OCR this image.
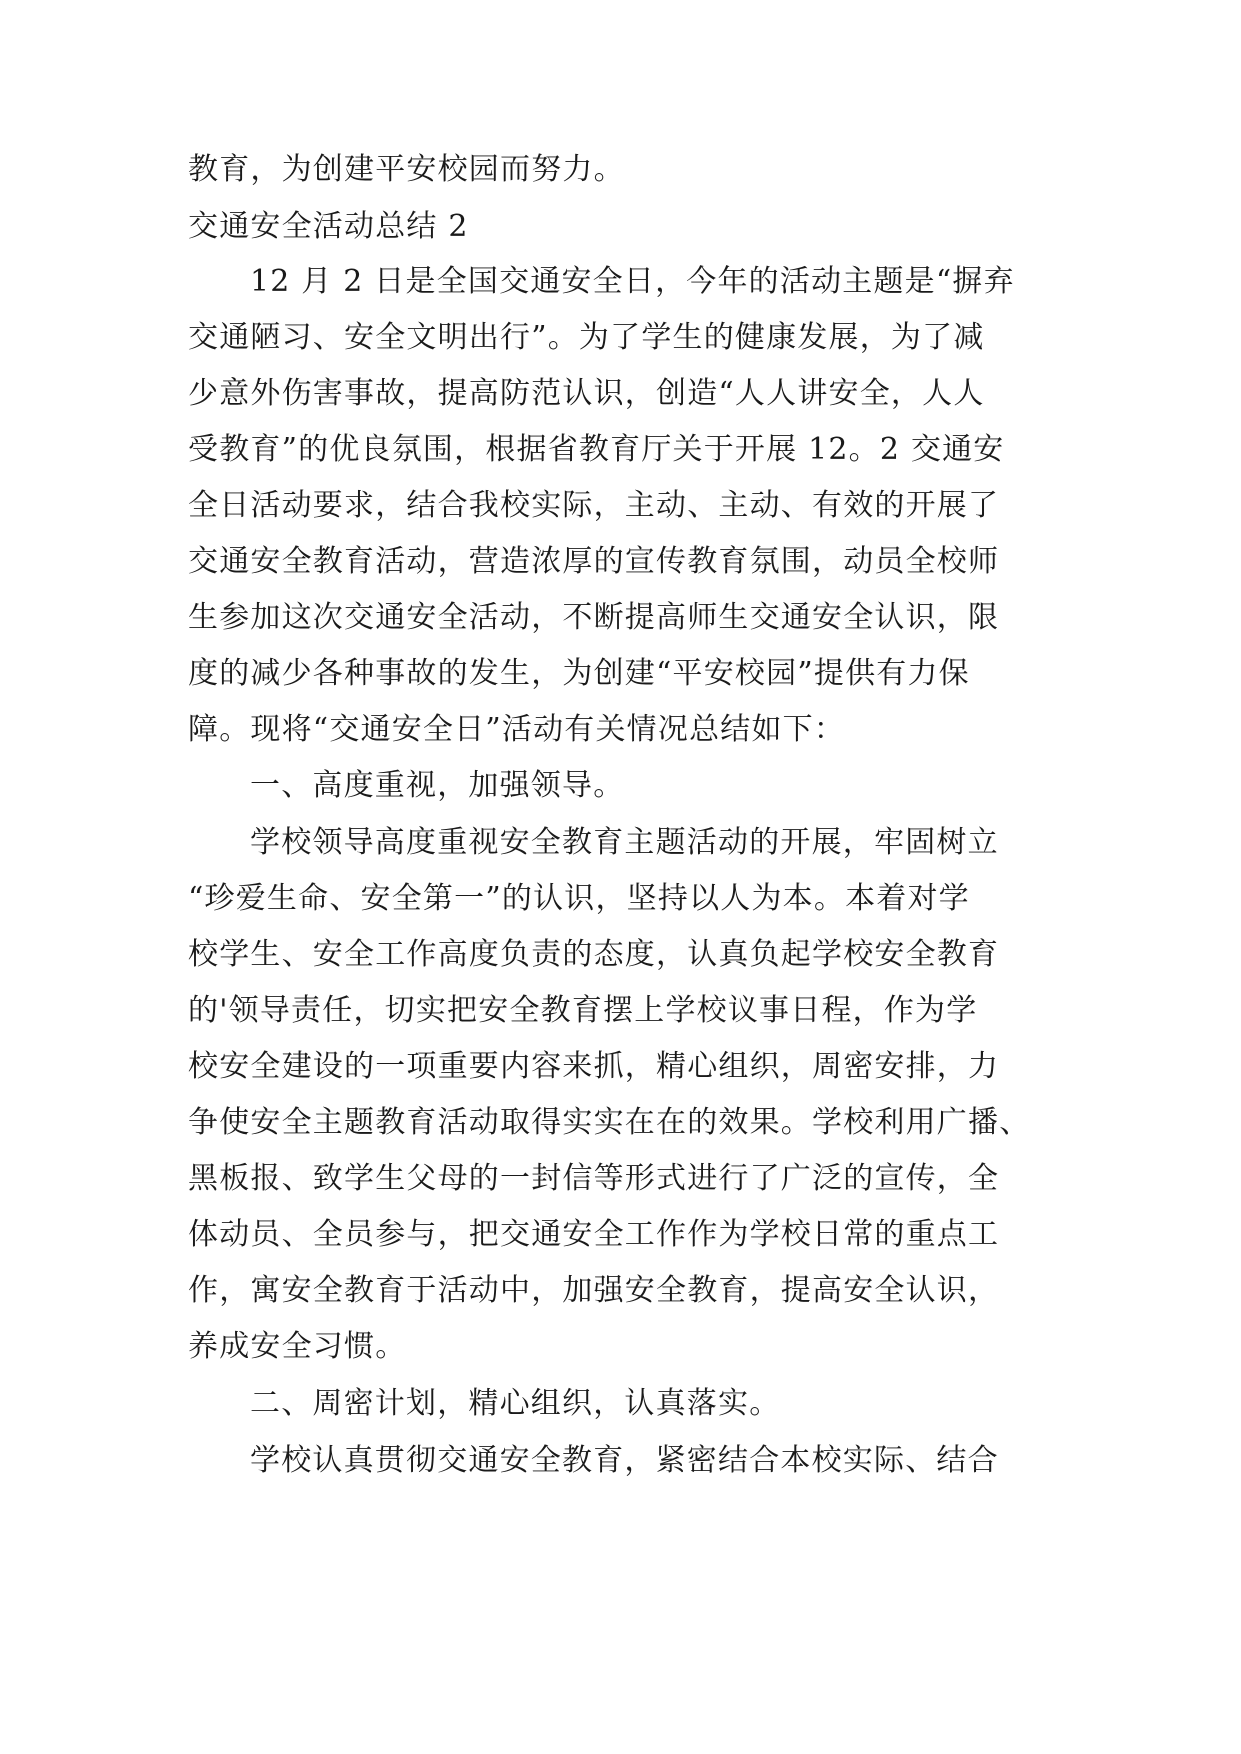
教育，为创建平安校园而努力。
交通安全活动总结 2
12 月 2 日是全国交通安全日，今年的活动主题是“摒弃
交通陋习、安全文明出行”。为了学生的健康发展，为了减
少意外伤害事故，提高防范认识，创造“人人讲安全，人人
受教育”的优良氛围，根据省教育厅关于开展 12。2 交通安
全日活动要求，结合我校实际，主动、主动、有效的开展了
交通安全教育活动，营造浓厚的宣传教育氛围，动员全校师
生参加这次交通安全活动，不断提高师生交通安全认识，限
度的减少各种事故的发生，为创建“平安校园”提供有力保
障。现将“交通安全日”活动有关情况总结如下：
一、高度重视，加强领导。
学校领导高度重视安全教育主题活动的开展，牢固树立
“珍爱生命、安全第一”的认识，坚持以人为本。本着对学
校学生、安全工作高度负责的态度，认真负起学校安全教育
的'领导责任，切实把安全教育摆上学校议事日程，作为学
校安全建设的一项重要内容来抓，精心组织，周密安排，力
争使安全主题教育活动取得实实在在的效果。学校利用广播、
黑板报、致学生父母的一封信等形式进行了广泛的宣传，全
体动员、全员参与，把交通安全工作作为学校日常的重点工
作，寓安全教育于活动中，加强安全教育，提高安全认识，
养成安全习惯。
二、周密计划，精心组织，认真落实。
学校认真贯彻交通安全教育，紧密结合本校实际、结合
